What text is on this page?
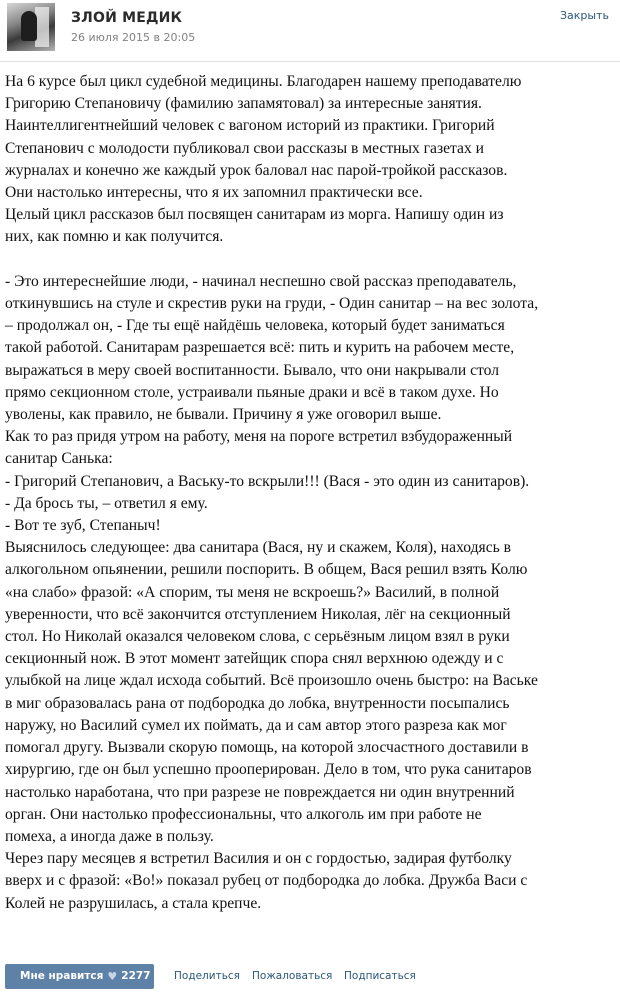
ЗЛОЙ МЕДИК
26 июля 2015 в 20:05
Закрыть
На 6 курсе был цикл судебной медицины. Благодарен нашему преподавателю
Григорию Степановичу (фамилию запамятовал) за интересные занятия.
Наинтеллигентнейший человек с вагоном историй из практики. Григорий
Степанович с молодости публиковал свои рассказы в местных газетах и
журналах и конечно же каждый урок баловал нас парой-тройкой рассказов.
Они настолько интересны, что я их запомнил практически все.
Целый цикл рассказов был посвящен санитарам из морга. Напишу один из
них, как помню и как получится.

- Это интереснейшие люди, - начинал неспешно свой рассказ преподаватель,
откинувшись на стуле и скрестив руки на груди, - Один санитар – на вес золота,
– продолжал он, - Где ты ещё найдёшь человека, который будет заниматься
такой работой. Санитарам разрешается всё: пить и курить на рабочем месте,
выражаться в меру своей воспитанности. Бывало, что они накрывали стол
прямо секционном столе, устраивали пьяные драки и всё в таком духе. Но
уволены, как правило, не бывали. Причину я уже оговорил выше.
Как то раз придя утром на работу, меня на пороге встретил взбудораженный
санитар Санька:
- Григорий Степанович, а Ваську-то вскрыли!!! (Вася - это один из санитаров).
- Да брось ты, – ответил я ему.
- Вот те зуб, Степаныч!
Выяснилось следующее: два санитара (Вася, ну и скажем, Коля), находясь в
алкогольном опьянении, решили поспорить. В общем, Вася решил взять Колю
«на слабо» фразой: «А спорим, ты меня не вскроешь?» Василий, в полной
уверенности, что всё закончится отступлением Николая, лёг на секционный
стол. Но Николай оказался человеком слова, с серьёзным лицом взял в руки
секционный нож. В этот момент затейщик спора снял верхнюю одежду и с
улыбкой на лице ждал исхода событий. Всё произошло очень быстро: на Ваське
в миг образовалась рана от подбородка до лобка, внутренности посыпались
наружу, но Василий сумел их поймать, да и сам автор этого разреза как мог
помогал другу. Вызвали скорую помощь, на которой злосчастного доставили в
хирургию, где он был успешно прооперирован. Дело в том, что рука санитаров
настолько наработана, что при разрезе не повреждается ни один внутренний
орган. Они настолько профессиональны, что алкоголь им при работе не
помеха, а иногда даже в пользу.
Через пару месяцев я встретил Василия и он с гордостью, задирая футболку
вверх и с фразой: «Во!» показал рубец от подбородка до лобка. Дружба Васи с
Колей не разрушилась, а стала крепче.
Мне нравится ♥ 2277	Поделиться Пожаловаться Подписаться
